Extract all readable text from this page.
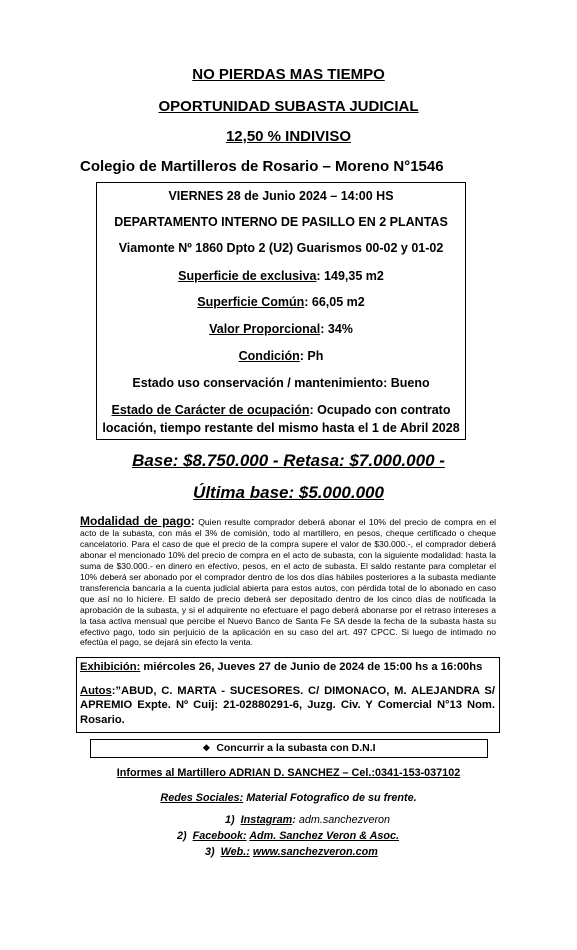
NO PIERDAS MAS TIEMPO
OPORTUNIDAD SUBASTA JUDICIAL
12,50 % INDIVISO
Colegio de Martilleros de Rosario – Moreno N°1546
VIERNES 28 de Junio 2024 – 14:00 HS
DEPARTAMENTO INTERNO DE PASILLO EN 2 PLANTAS
Viamonte Nº 1860 Dpto 2 (U2) Guarismos 00-02 y 01-02
Superficie de exclusiva: 149,35 m2
Superficie Común: 66,05 m2
Valor Proporcional: 34%
Condición: Ph
Estado uso conservación / mantenimiento: Bueno
Estado de Carácter de ocupación: Ocupado con contrato
locación, tiempo restante del mismo hasta el 1 de Abril 2028
Base: $8.750.000 - Retasa: $7.000.000 -
Última base: $5.000.000
Modalidad de pago: Quien resulte comprador deberá abonar el 10% del precio de compra en el acto de la subasta, con más el 3% de comisión, todo al martillero, en pesos, cheque certificado o cheque cancelatorio. Para el caso de que el precio de la compra supere el valor de $30.000.-, el comprador deberá abonar el mencionado 10% del precio de compra en el acto de subasta, con la siguiente modalidad: hasta la suma de $30.000.- en dinero en efectivo, pesos, en el acto de subasta. El saldo restante para completar el 10% deberá ser abonado por el comprador dentro de los dos días hábiles posteriores a la subasta mediante transferencia bancaria a la cuenta judicial abierta para estos autos, con pérdida total de lo abonado en caso que así no lo hiciere. El saldo de precio deberá ser depositado dentro de los cinco días de notificada la aprobación de la subasta, y si el adquirente no efectuare el pago deberá abonarse por el retraso intereses a la tasa activa mensual que percibe el Nuevo Banco de Santa Fe SA desde la fecha de la subasta hasta su efectivo pago, todo sin perjuicio de la aplicación en su caso del art. 497 CPCC. Si luego de intimado no efectúa el pago, se dejará sin efecto la venta.
Exhibición: miércoles 26, Jueves 27 de Junio de 2024 de 15:00 hs a 16:00hs
Autos:”ABUD, C. MARTA - SUCESORES. C/ DIMONACO, M. ALEJANDRA S/ APREMIO Expte. Nº Cuij: 21-02880291-6, Juzg. Civ. Y Comercial N°13 Nom. Rosario.
❖ Concurrir a la subasta con D.N.I
Informes al Martillero ADRIAN D. SANCHEZ – Cel.:0341-153-037102
Redes Sociales: Material Fotografico de su frente.
1) Instagram: adm.sanchezveron
2) Facebook: Adm. Sanchez Veron & Asoc.
3) Web.: www.sanchezveron.com
